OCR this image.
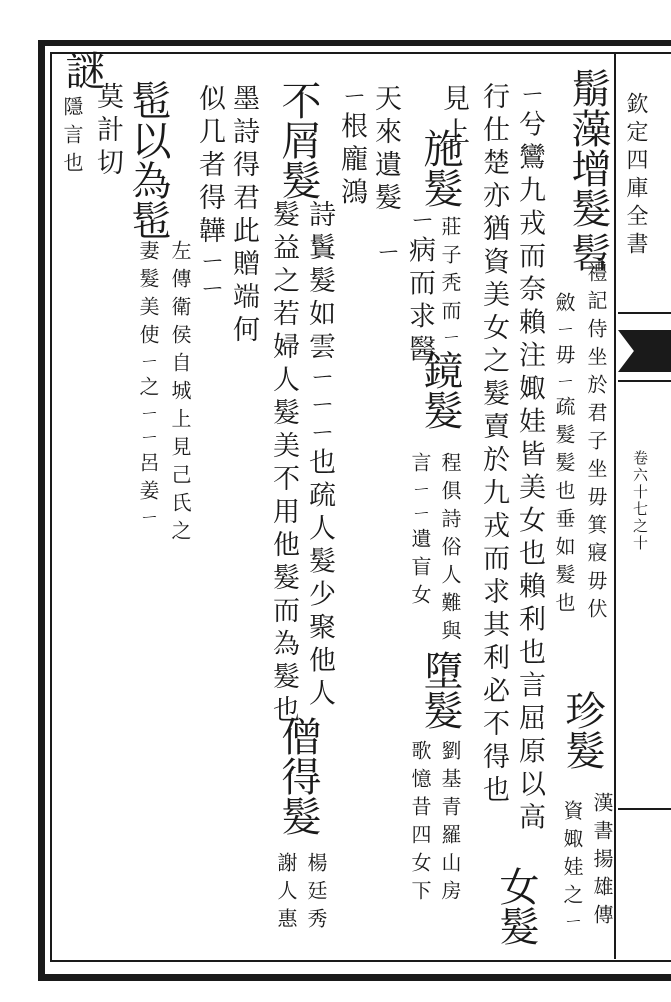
欽定四庫全書
卷六十七之十
鬅藻增髮
髫
禮記侍坐於君子坐毋箕寢毋伏
斂ㄧ毋ㄧ疏髮髪也垂如髮也
ㄧ兮鸞九戎而奈賴注娵娃皆美女也賴利也言屈原以高
行仕楚亦猶資美女之髮賣於九戎而求其利必不得也 珍髮
漢書揚雄傳
資娵娃之ㄧ
女髮
見上
施髮
莊子秃而ㄧ
ㄧ病而求醫
鏡髮
程俱詩俗人難與
言ㄧㄧ遺盲女
墮髮
劉基青羅山房
歌憶昔四女下
天來遺髮
ㄧ
ㄧ根龐鴻
不屑髮
詩鬒髮如雲ㄧㄧㄧ也疏人髮少聚他人
髮益之若婦人髮美不用他髮而為髮也
僧得髮
楊廷秀
謝人惠
墨詩得君此贈端何
似几者得韡ㄧㄧ
髢以為髢
左傳衛侯自城上見己氏之
妻髮美使ㄧ之ㄧㄧ呂姜ㄧ
謎
莫計切
隱言也
